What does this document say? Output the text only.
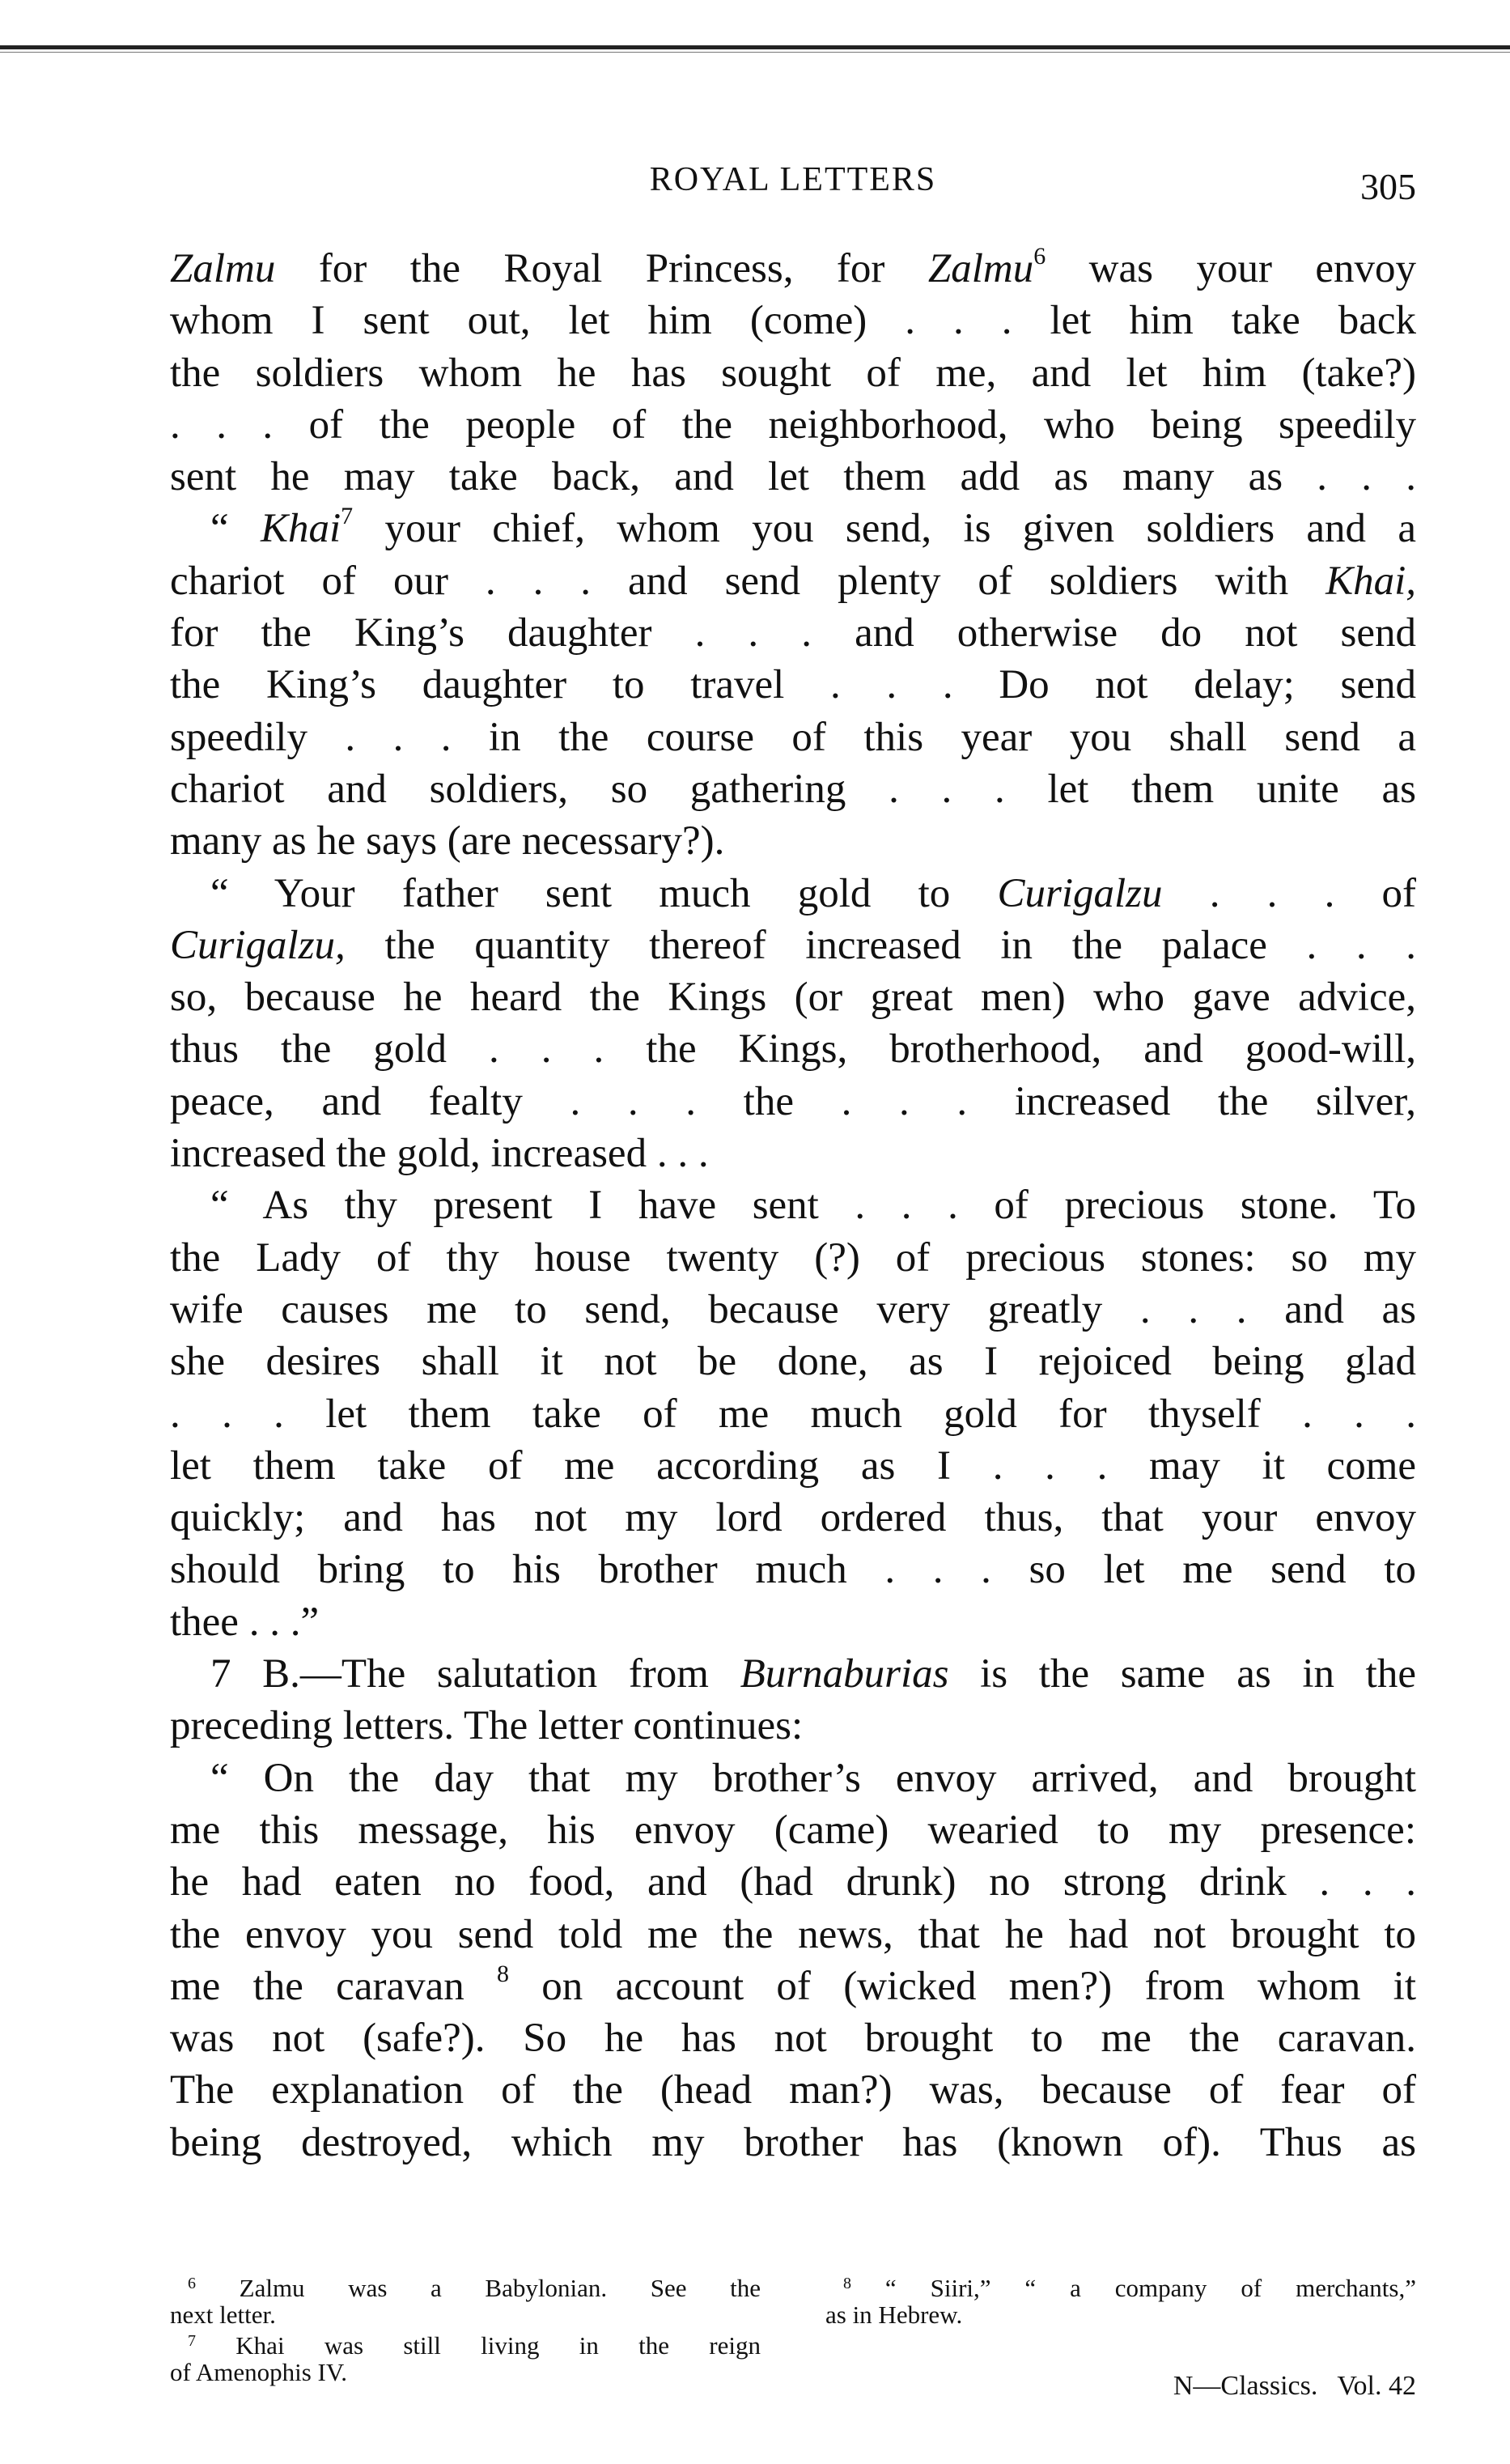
ROYAL LETTERS	305
Zalmu for the Royal Princess, for Zalmu$^6$ was your envoy
whom I sent out, let him (come) . . . let him take back
the soldiers whom he has sought of me, and let him (take?)
. . . of the people of the neighborhood, who being speedily
sent he may take back, and let them add as many as . . .
“ Khai$^7$ your chief, whom you send, is given soldiers and a
chariot of our . . . and send plenty of soldiers with Khai,
for the King’s daughter . . . and otherwise do not send
the King’s daughter to travel . . . Do not delay; send
speedily . . . in the course of this year you shall send a
chariot and soldiers, so gathering . . . let them unite as
many as he says (are necessary?).
“ Your father sent much gold to Curigalzu . . . of
Curigalzu, the quantity thereof increased in the palace . . .
so, because he heard the Kings (or great men) who gave advice,
thus the gold . . . the Kings, brotherhood, and good-will,
peace, and fealty . . . the . . . increased the silver,
increased the gold, increased . . .
“ As thy present I have sent . . . of precious stone. To
the Lady of thy house twenty (?) of precious stones: so my
wife causes me to send, because very greatly . . . and as
she desires shall it not be done, as I rejoiced being glad
. . . let them take of me much gold for thyself . . .
let them take of me according as I . . . may it come
quickly; and has not my lord ordered thus, that your envoy
should bring to his brother much . . . so let me send to
thee . . .”
7 B.—The salutation from Burnaburias is the same as in the
preceding letters. The letter continues:
“ On the day that my brother’s envoy arrived, and brought
me this message, his envoy (came) wearied to my presence:
he had eaten no food, and (had drunk) no strong drink . . .
the envoy you send told me the news, that he had not brought to
me the caravan $^8$ on account of (wicked men?) from whom it
was not (safe?). So he has not brought to me the caravan.
The explanation of the (head man?) was, because of fear of
being destroyed, which my brother has (known of). Thus as
$^6$ Zalmu was a Babylonian. See the
next letter.
$^7$ Khai was still living in the reign
of Amenophis IV.
$^8$ “ Siiri,” “ a company of merchants,”
as in Hebrew.
N—Classics. Vol. 42
